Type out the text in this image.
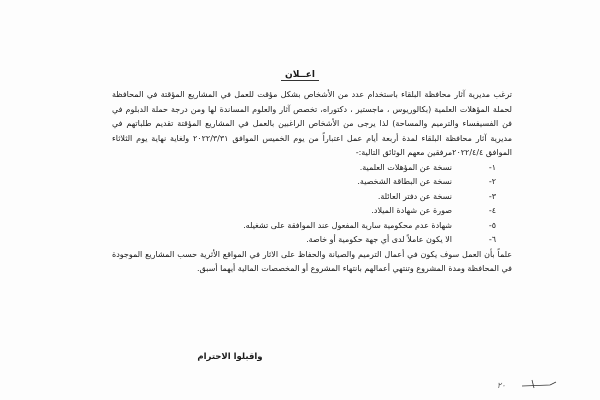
اعــلان

ترغب مديرية آثار محافظة البلقاء باستخدام عدد من الأشخاص بشكل مؤقت للعمل في المشاريع المؤقتة في المحافظة لحملة المؤهلات العلمية (بكالوريوس ، ماجستير ، دكتوراه، تخصص آثار والعلوم المساندة لها ومن درجة حملة الدبلوم في فن الفسيفساء والترميم والمساحة) لذا يرجى من الأشخاص الراغبين بالعمل في المشاريع المؤقتة تقديم طلباتهم في مديرية آثار محافظة البلقاء لمدة أربعة أيام عمل اعتباراً من يوم الخميس الموافق ٢٠٢٢/٣/٣١ ولغاية نهاية يوم الثلاثاء الموافق ٢٠٢٢/٤/٤مرفقين معهم الوثائق التالية:-

١-
نسخة عن المؤهلات العلمية.
٢-
نسخة عن البطاقة الشخصية.
٣-
نسخة عن دفتر العائلة.
٤-
صورة عن شهادة الميلاد.
٥-
شهادة عدم محكومية سارية المفعول عند الموافقة على تشغيله.
٦-
الا يكون عاملاً لدى أي جهة حكومية أو خاصة.

علماً بأن العمل سوف يكون في أعمال الترميم والصيانة والحفاظ على الاثار في المواقع الأثرية حسب المشاريع الموجودة في المحافظة ومدة المشروع وتنتهي أعمالهم بانتهاء المشروع أو المخصصات المالية أيهما أسبق.

واقبلوا الاحترام
٢٠
